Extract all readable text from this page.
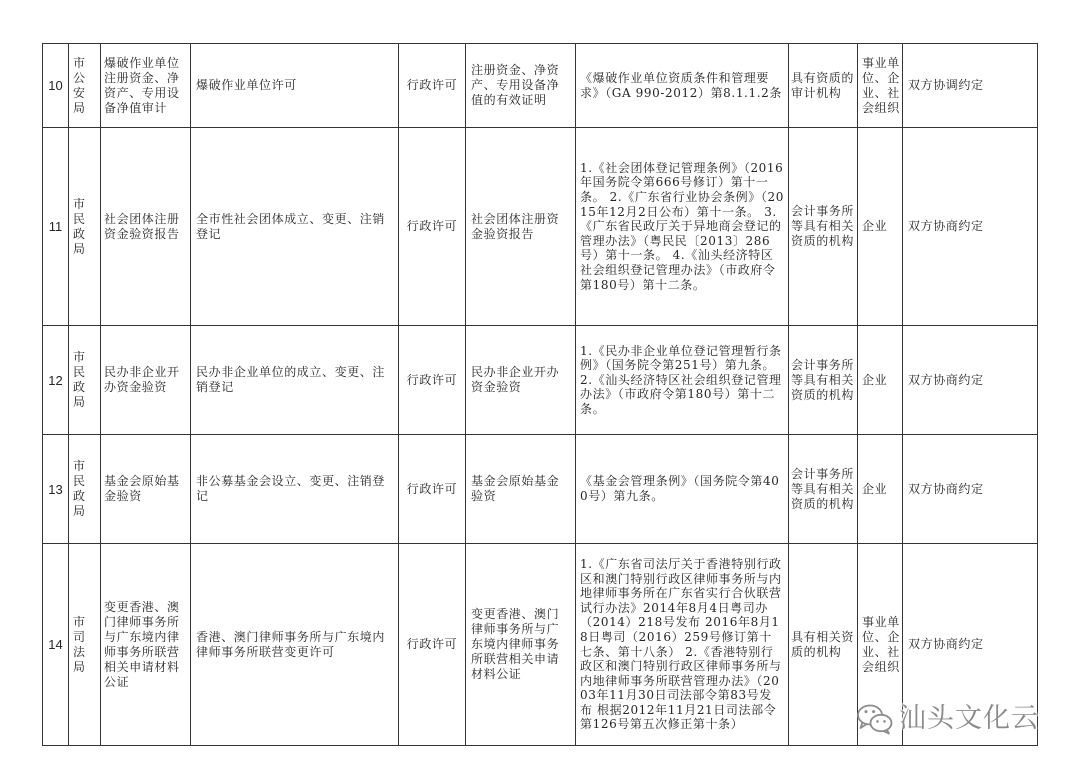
10	市公安局	爆破作业单位注册资金、净资产、专用设备净值审计	爆破作业单位许可	行政许可	注册资金、净资产、专用设备净值的有效证明	《爆破作业单位资质条件和管理要求》（GA 990-2012）第8.1.1.2条	具有资质的审计机构	事业单位、企业、社会组织	双方协调约定
11	市民政局	社会团体注册资金验资报告	全市性社会团体成立、变更、注销登记	行政许可	社会团体注册资金验资报告	1.《社会团体登记管理条例》（2016年国务院令第666号修订）第十一条。 2.《广东省行业协会条例》（2015年12月2日公布）第十一条。 3.《广东省民政厅关于异地商会登记的管理办法》（粤民民〔2013〕286号）第十一条。 4.《汕头经济特区社会组织登记管理办法》（市政府令第180号）第十二条。	会计事务所等具有相关资质的机构	企业	双方协商约定
12	市民政局	民办非企业开办资金验资	民办非企业单位的成立、变更、注销登记	行政许可	民办非企业开办资金验资	1.《民办非企业单位登记管理暂行条例》（国务院令第251号）第九条。 2.《汕头经济特区社会组织登记管理办法》（市政府令第180号）第十二条。	会计事务所等具有相关资质的机构	企业	双方协商约定
13	市民政局	基金会原始基金验资	非公募基金会设立、变更、注销登记	行政许可	基金会原始基金验资	《基金会管理条例》（国务院令第400号）第九条。	会计事务所等具有相关资质的机构	企业	双方协商约定
14	市司法局	变更香港、澳门律师事务所与广东境内律师事务所联营相关申请材料公证	香港、澳门律师事务所与广东境内律师事务所联营变更许可	行政许可	变更香港、澳门律师事务所与广东境内律师事务所联营相关申请材料公证	1.《广东省司法厅关于香港特别行政区和澳门特别行政区律师事务所与内地律师事务所在广东省实行合伙联营试行办法》2014年8月4日粤司办（2014）218号发布 2016年8月18日粤司（2016）259号修订第十七条、第十八条） 2.《香港特别行政区和澳门特别行政区律师事务所与内地律师事务所联营管理办法》（2003年11月30日司法部令第83号发布 根据2012年11月21日司法部令第126号第五次修正第十条）	具有相关资质的机构	事业单位、企业、社会组织	双方协商约定
汕头文化云
